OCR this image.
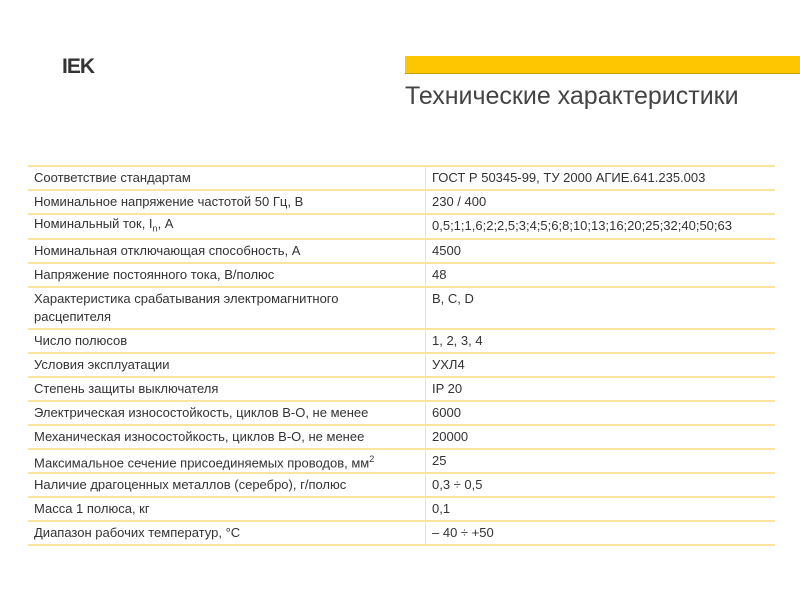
IEK
Технические характеристики
Соответствие стандартам	ГОСТ Р 50345-99, ТУ 2000 АГИЕ.641.235.003
Номинальное напряжение частотой 50 Гц, В	230 / 400
Номинальный ток, $I_n$, А	0,5;1;1,6;2;2,5;3;4;5;6;8;10;13;16;20;25;32;40;50;63
Номинальная отключающая способность, А	4500
Напряжение постоянного тока, В/полюс	48
Характеристика срабатывания электромагнитного расцепителя	B, C, D
Число полюсов	1, 2, 3, 4
Условия эксплуатации	УХЛ4
Степень защиты выключателя	IP 20
Электрическая износостойкость, циклов В-О, не менее	6000
Механическая износостойкость, циклов В-О, не менее	20000
Максимальное сечение присоединяемых проводов, $мм^2$	25
Наличие драгоценных металлов (серебро), г/полюс	0,3 ÷ 0,5
Масса 1 полюса, кг	0,1
Диапазон рабочих температур, °С	– 40 ÷ +50
